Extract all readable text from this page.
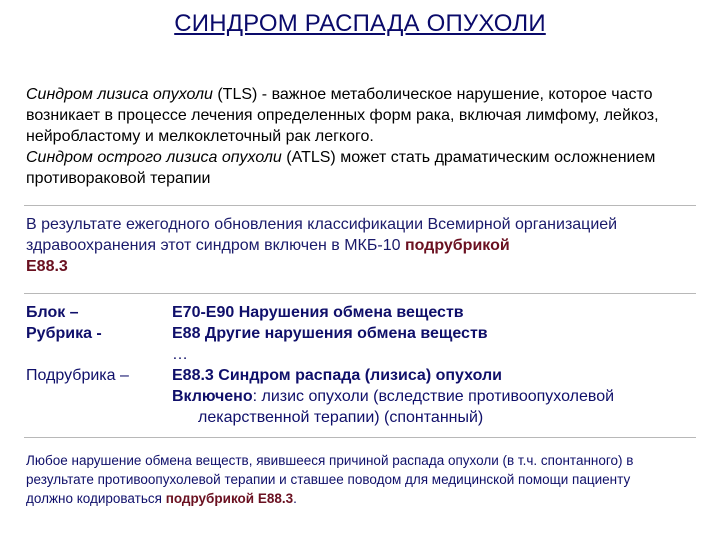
СИНДРОМ РАСПАДА ОПУХОЛИ
Синдром лизиса опухоли (TLS) - важное метаболическое нарушение, которое часто возникает в процессе лечения определенных форм рака, включая лимфому, лейкоз, нейробластому и мелкоклеточный рак легкого.
Синдром острого лизиса опухоли (ATLS) может стать драматическим осложнением противораковой терапии
В результате ежегодного обновления классификации Всемирной организацией здравоохранения этот синдром включен в МКБ-10 подрубрикой
Е88.3
Блок –	Е70-Е90 Нарушения обмена веществ
Рубрика -	Е88 Другие нарушения обмена веществ
…
Подрубрика –	Е88.3 Синдром распада (лизиса) опухоли
Включено: лизис опухоли (вследствие противоопухолевой
лекарственной терапии) (спонтанный)
Любое нарушение обмена веществ, явившееся причиной распада опухоли (в т.ч. спонтанного) в результате противоопухолевой терапии и ставшее поводом для медицинской помощи пациенту должно кодироваться подрубрикой Е88.3.
